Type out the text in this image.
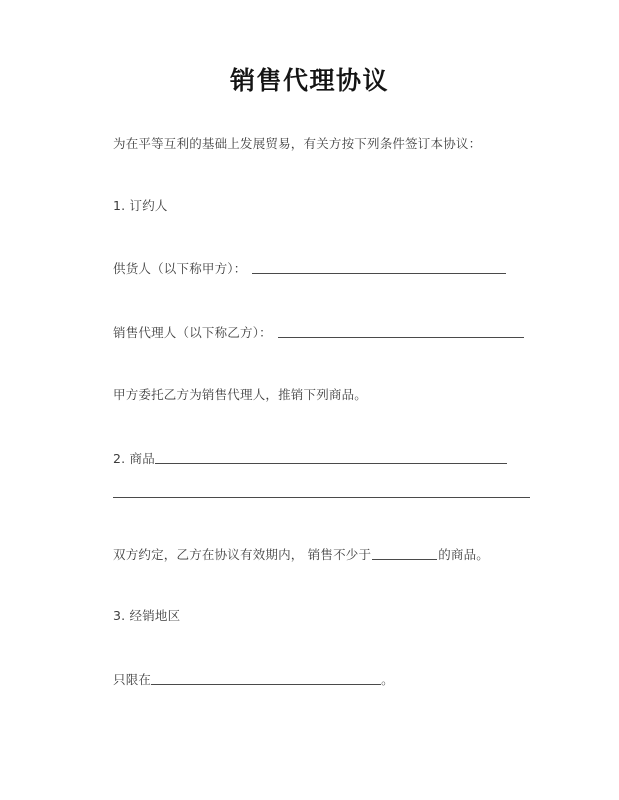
销售代理协议
为在平等互利的基础上发展贸易，有关方按下列条件签订本协议：
1. 订约人
供货人（以下称甲方）：
销售代理人（以下称乙方）：
甲方委托乙方为销售代理人，推销下列商品。
2. 商品
双方约定，乙方在协议有效期内， 销售不少于	的商品。
3. 经销地区
只限在	。
